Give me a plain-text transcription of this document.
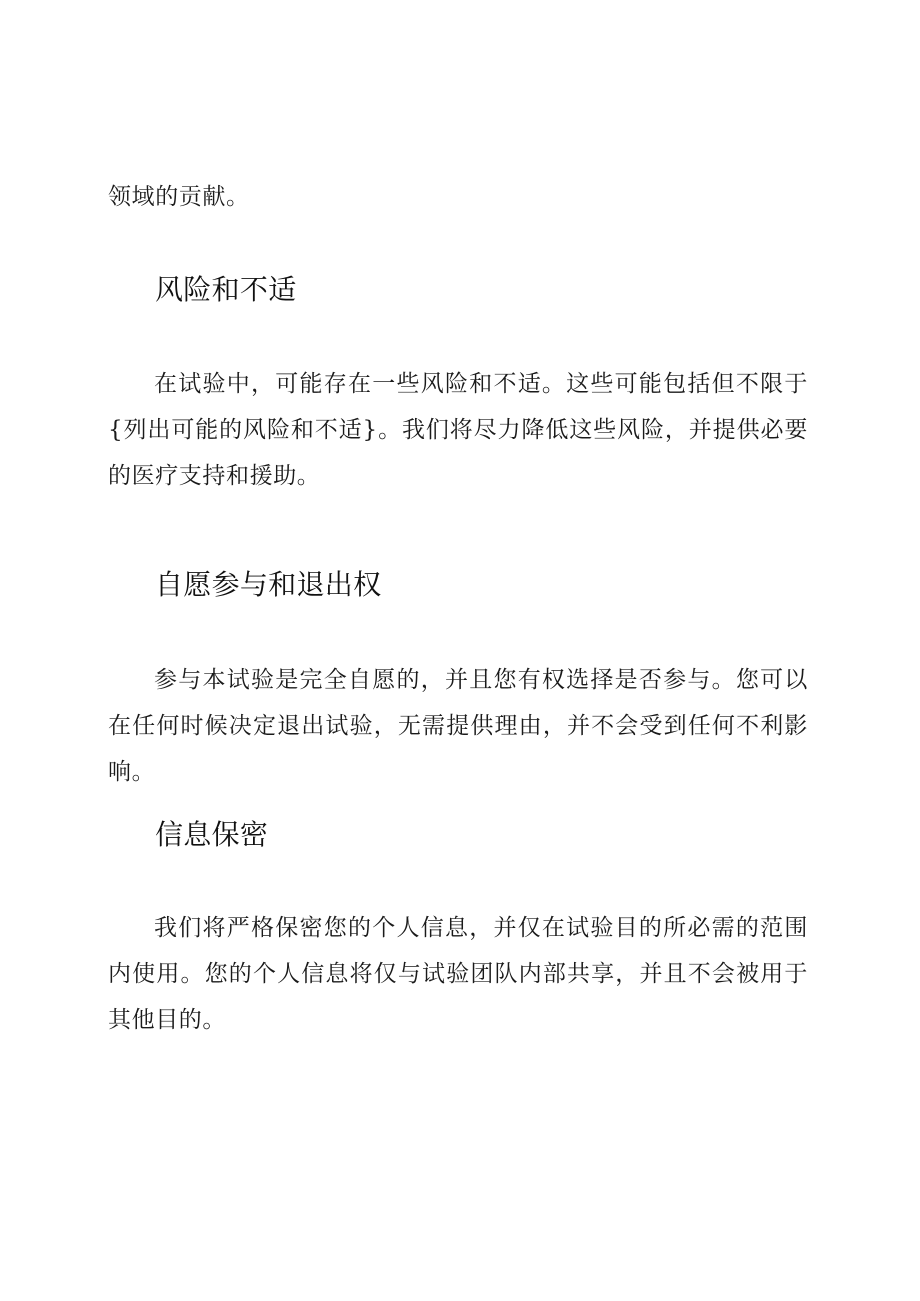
领域的贡献。

风险和不适

在试验中，可能存在一些风险和不适。这些可能包括但不限于{列出可能的风险和不适}。我们将尽力降低这些风险，并提供必要的医疗支持和援助。

自愿参与和退出权

参与本试验是完全自愿的，并且您有权选择是否参与。您可以在任何时候决定退出试验，无需提供理由，并不会受到任何不利影响。

信息保密

我们将严格保密您的个人信息，并仅在试验目的所必需的范围内使用。您的个人信息将仅与试验团队内部共享，并且不会被用于其他目的。
